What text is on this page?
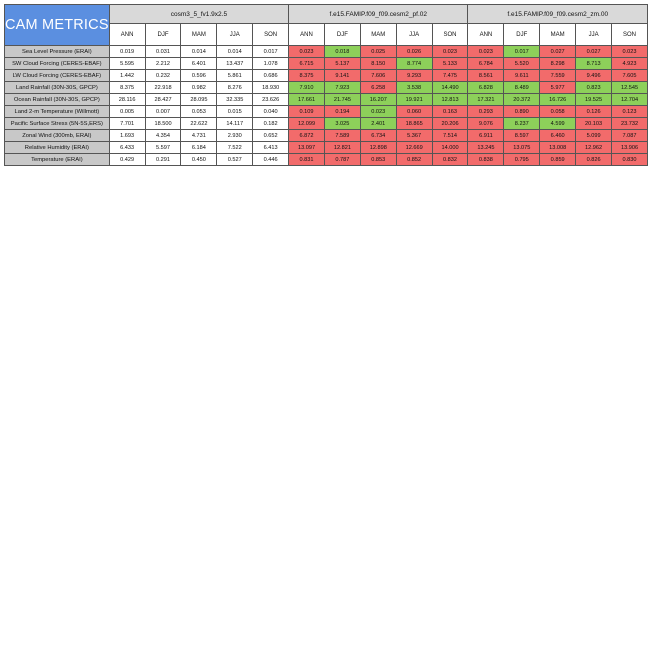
CAM METRICS	cosm3_5_fv1.9x2.5					f.e15.FAMIP.f09_f09.cesm2_pf.02					f.e15.FAMIP.f09_f09.cesm2_zm.00				
	ANN	DJF	MAM	JJA	SON	ANN	DJF	MAM	JJA	SON	ANN	DJF	MAM	JJA	SON
Sea Level Pressure (ERAI)	0.019	0.031	0.014	0.014	0.017	0.023	0.018	0.025	0.026	0.023	0.023	0.017	0.027	0.027	0.023
SW Cloud Forcing (CERES-EBAF)	5.595	2.212	6.401	13.437	1.078	6.715	5.137	8.150	8.774	5.133	6.784	5.520	8.298	8.713	4.923
LW Cloud Forcing (CERES-EBAF)	1.442	0.232	0.596	5.861	0.686	8.375	9.141	7.606	9.293	7.475	8.561	9.611	7.559	9.496	7.605
Land Rainfall (30N-30S, GPCP)	8.375	22.918	0.982	8.276	18.930	7.910	7.923	6.258	3.538	14.490	6.828	8.489	5.977	0.823	12.545
Ocean Rainfall (30N-30S, GPCP)	28.116	28.427	28.095	32.335	23.626	17.661	21.745	16.207	19.921	12.813	17.321	20.372	16.726	19.525	12.704
Land 2-m Temperature (Willmott)	0.005	0.007	0.053	0.015	0.040	0.109	0.194	0.023	0.060	0.163	0.293	0.890	0.058	0.126	0.123
Pacific Surface Stress (5N-5S,ERS)	7.701	18.500	22.622	14.117	0.182	12.099	3.025	2.401	18.865	20.206	9.076	8.237	4.599	20.103	23.732
Zonal Wind (300mb, ERAI)	1.693	4.354	4.731	2.930	0.652	6.872	7.589	6.734	5.367	7.514	6.911	8.597	6.460	5.099	7.087
Relative Humidity (ERAI)	6.433	5.597	6.184	7.522	6.413	13.097	12.821	12.898	12.669	14.000	13.245	13.075	13.008	12.962	13.906
Temperature (ERAI)	0.429	0.291	0.450	0.527	0.446	0.831	0.787	0.853	0.852	0.832	0.838	0.795	0.859	0.826	0.830
